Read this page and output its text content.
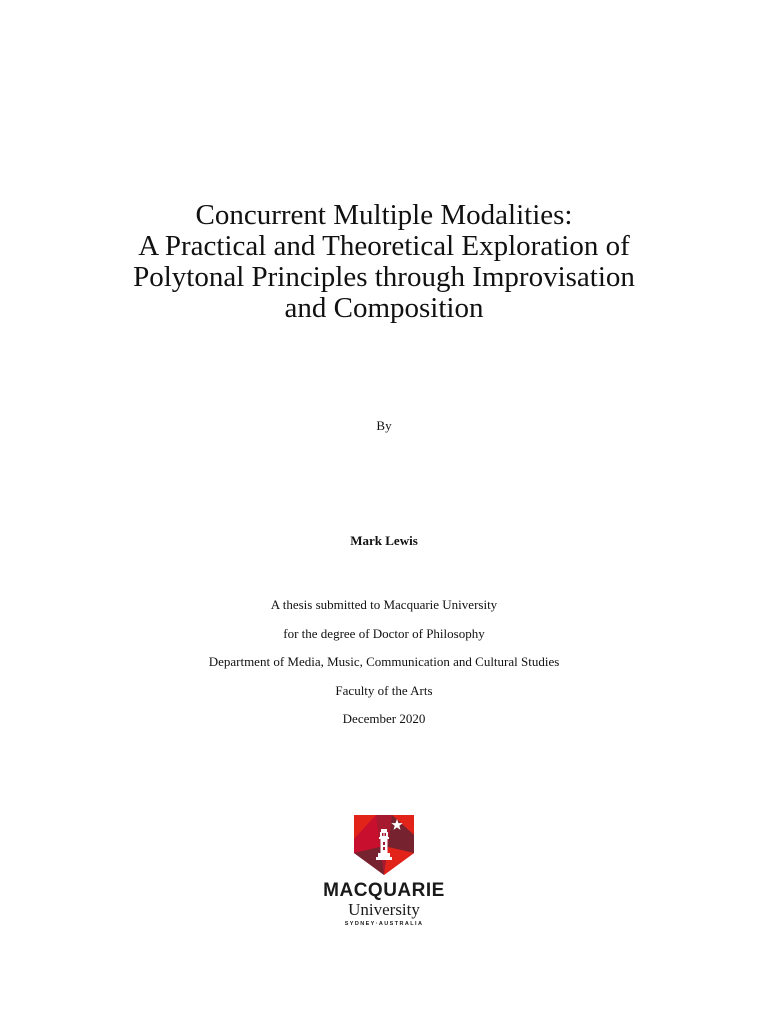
Concurrent Multiple Modalities:
A Practical and Theoretical Exploration of
Polytonal Principles through Improvisation
and Composition
By
Mark Lewis
A thesis submitted to Macquarie University
for the degree of Doctor of Philosophy
Department of Media, Music, Communication and Cultural Studies
Faculty of the Arts
December 2020
MACQUARIE
University
SYDNEY·AUSTRALIA
